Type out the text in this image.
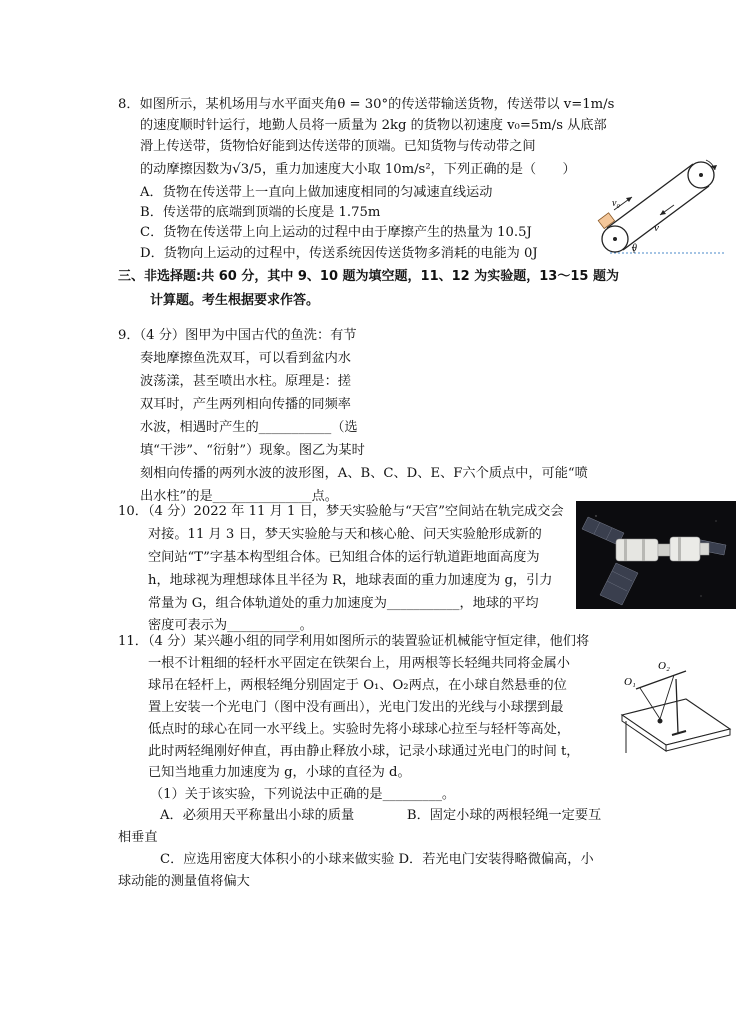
8．如图所示，某机场用与水平面夹角θ = 30°的传送带输送货物，传送带以 v=1m/s
的速度顺时针运行，地勤人员将一质量为 2kg 的货物以初速度 v₀=5m/s 从底部
滑上传送带，货物恰好能到达传送带的顶端。已知货物与传动带之间
的动摩擦因数为√3/5，重力加速度大小取 10m/s²，下列正确的是（　　）
A．货物在传送带上一直向上做加速度相同的匀减速直线运动
B．传送带的底端到顶端的长度是 1.75m
C．货物在传送带上向上运动的过程中由于摩擦产生的热量为 10.5J
D．货物向上运动的过程中，传送系统因传送货物多消耗的电能为 0J
v₀
v
θ
三、非选择题:共 60 分，其中 9、10 题为填空题，11、12 为实验题，13～15 题为
计算题。考生根据要求作答。
9．（4 分）图甲为中国古代的鱼洗：有节
奏地摩擦鱼洗双耳，可以看到盆内水
波荡漾，甚至喷出水柱。原理是：搓
双耳时，产生两列相向传播的同频率
水波，相遇时产生的___________（选
填“干涉”、“衍射”）现象。图乙为某时
刻相向传播的两列水波的波形图，A、B、C、D、E、F六个质点中，可能“喷
出水柱”的是_______________点。
10．（4 分）2022 年 11 月 1 日，梦天实验舱与“天宫”空间站在轨完成交会
对接。11 月 3 日，梦天实验舱与天和核心舱、问天实验舱形成新的
空间站“T”字基本构型组合体。已知组合体的运行轨道距地面高度为
h，地球视为理想球体且半径为 R，地球表面的重力加速度为 g，引力
常量为 G，组合体轨道处的重力加速度为___________，地球的平均
密度可表示为___________。
11．（4 分）某兴趣小组的同学利用如图所示的装置验证机械能守恒定律，他们将
一根不计粗细的轻杆水平固定在铁架台上，用两根等长轻绳共同将金属小
球吊在轻杆上，两根轻绳分别固定于 O₁、O₂两点，在小球自然悬垂的位
置上安装一个光电门（图中没有画出），光电门发出的光线与小球摆到最
低点时的球心在同一水平线上。实验时先将小球球心拉至与轻杆等高处，
此时两轻绳刚好伸直，再由静止释放小球，记录小球通过光电门的时间 t，
已知当地重力加速度为 g，小球的直径为 d。
（1）关于该实验，下列说法中正确的是_________。
A．必须用天平称量出小球的质量　　　　B．固定小球的两根轻绳一定要互
相垂直
C．应选用密度大体积小的小球来做实验 D．若光电门安装得略微偏高，小
球动能的测量值将偏大
O₁
O₂
